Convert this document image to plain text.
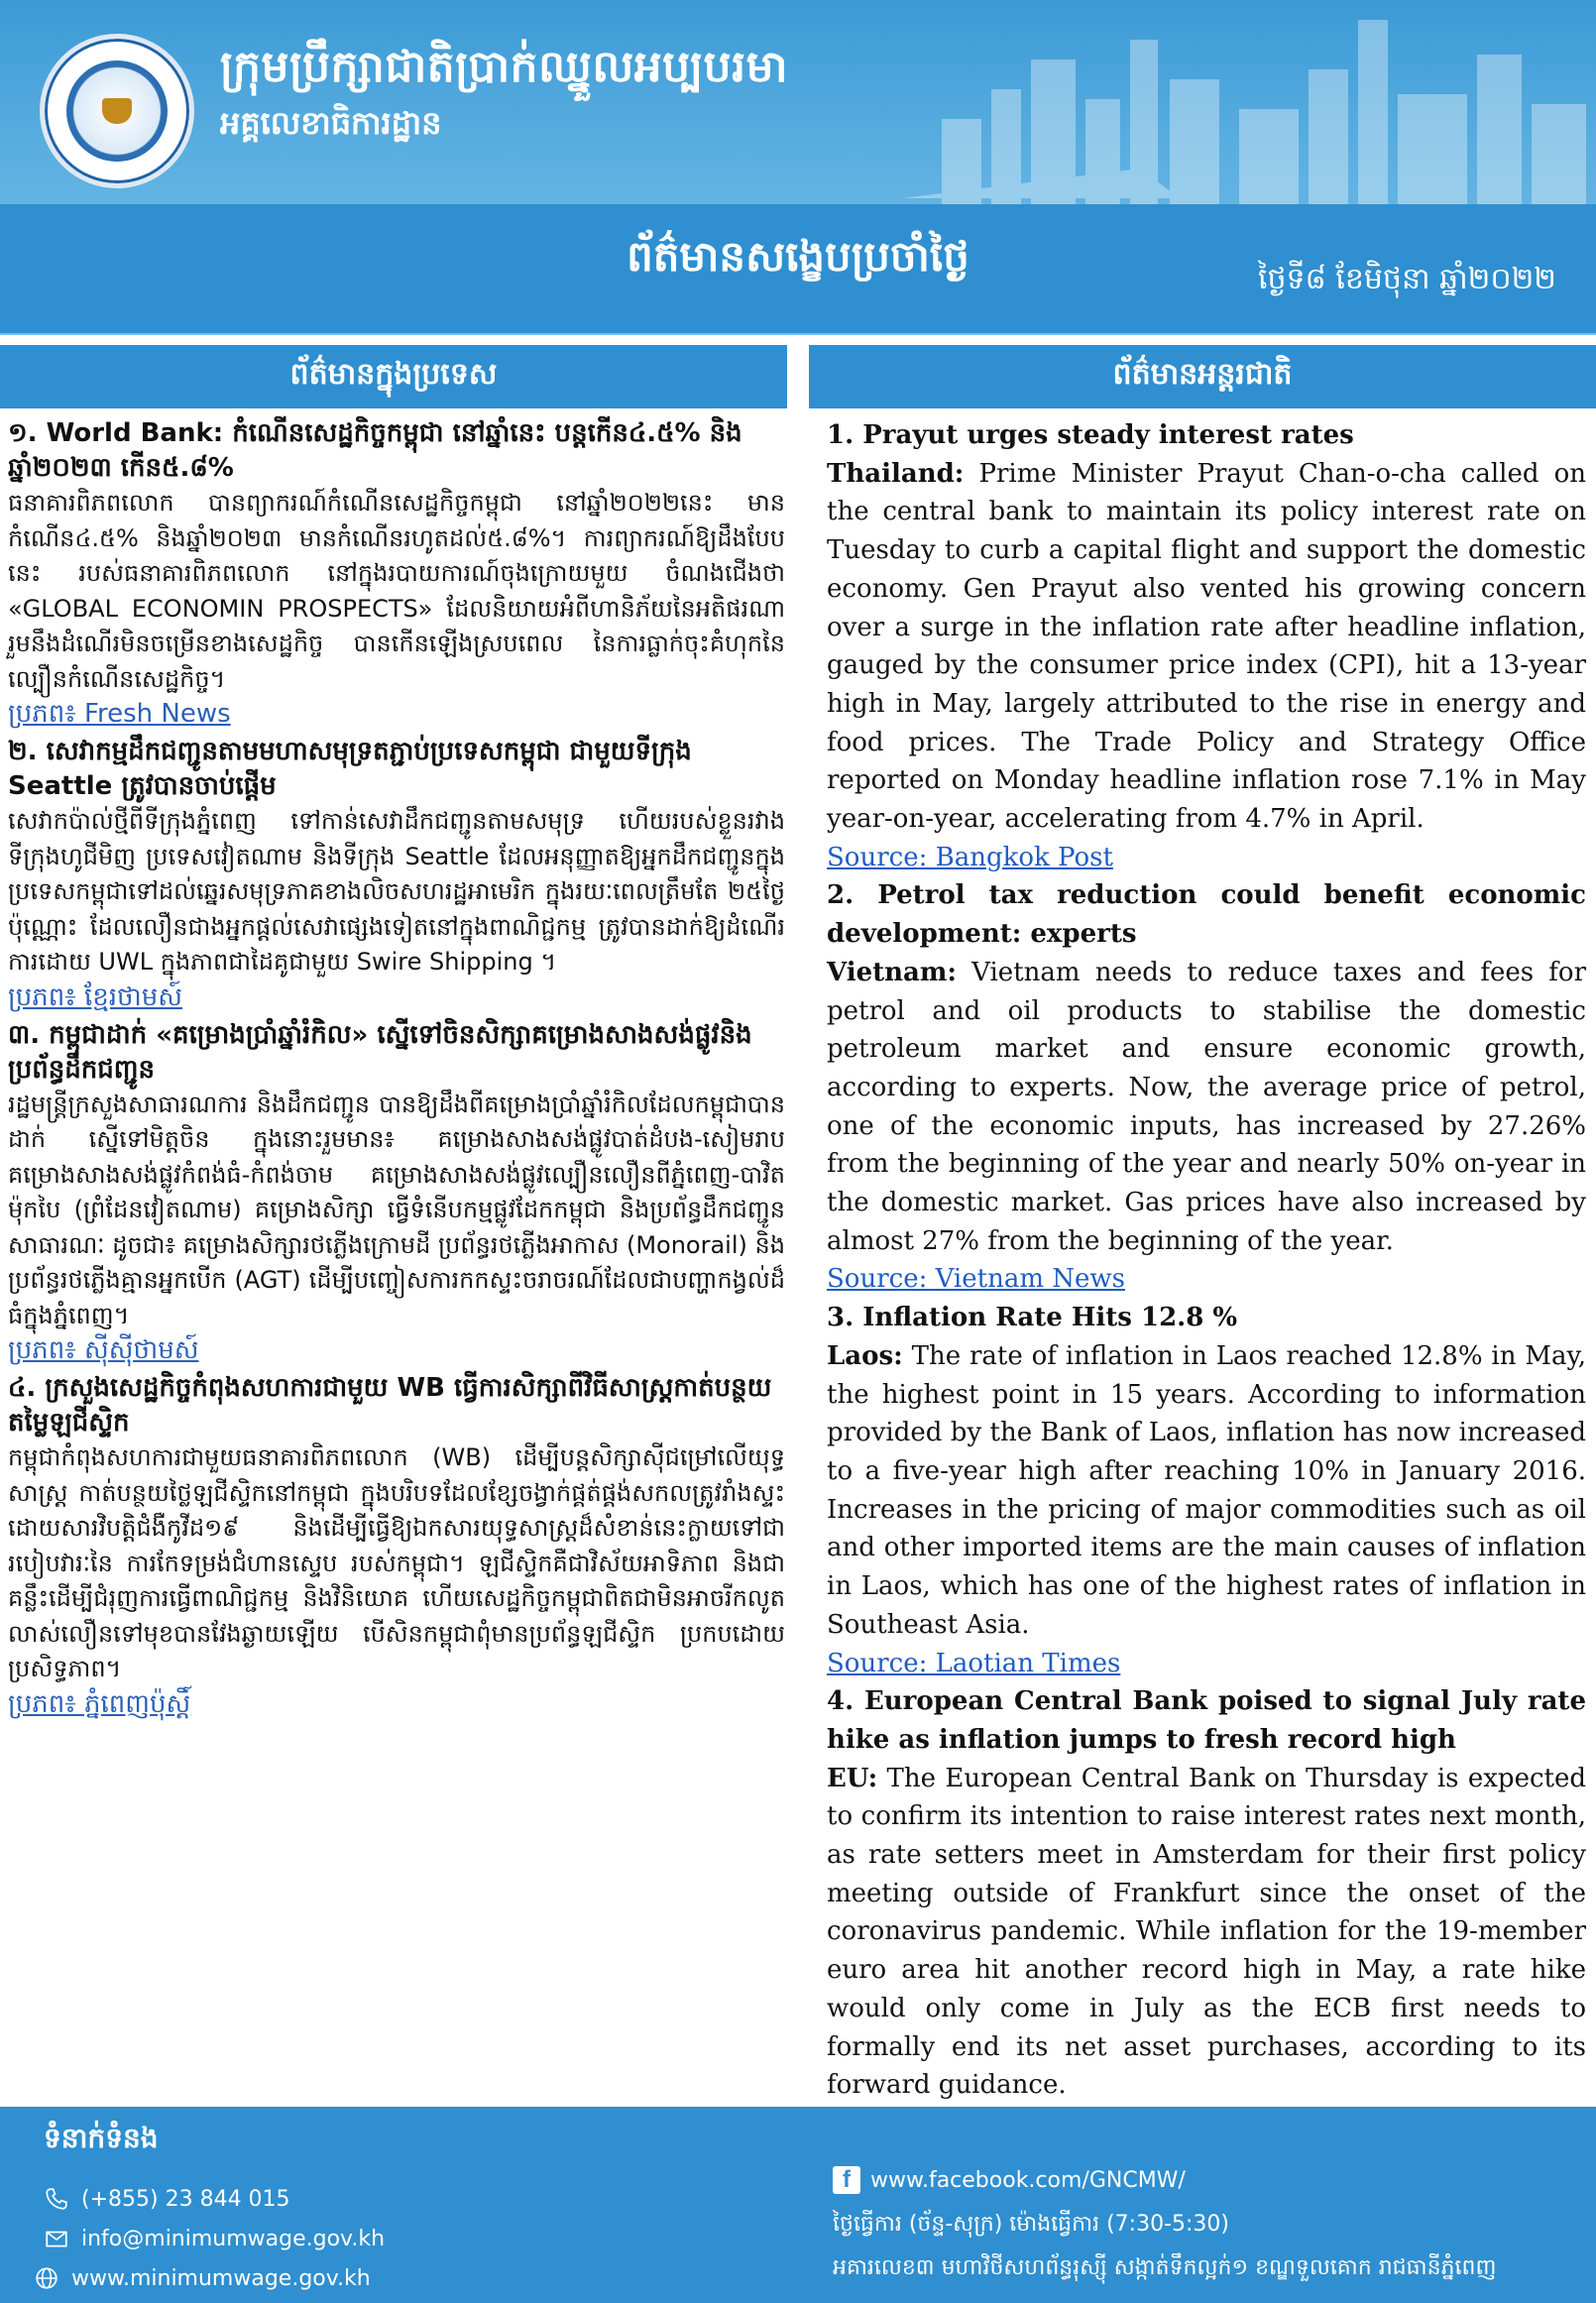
ក្រុមប្រឹក្សាជាតិប្រាក់ឈ្នួលអប្បបរមា
អគ្គលេខាធិការដ្ឋាន
ព័ត៌មានសង្ខេបប្រចាំថ្ងៃ	ថ្ងៃទី៨ ខែមិថុនា ឆ្នាំ២០២២
ព័ត៌មានក្នុងប្រទេស	ព័ត៌មានអន្តរជាតិ
១. World Bank: កំណើនសេដ្ឋកិច្ចកម្ពុជា នៅឆ្នាំនេះ បន្តកើន៤.៥% និងឆ្នាំ២០២៣ កើន៥.៨%
ធនាគារពិភពលោក បានព្យាករណ៍កំណើនសេដ្ឋកិច្ចកម្ពុជា នៅឆ្នាំ២០២២នេះ មានកំណើន៤.៥% និងឆ្នាំ២០២៣ មានកំណើនរហូតដល់៥.៨%។ ការព្យាករណ៍ឱ្យដឹងបែបនេះ របស់ធនាគារពិភពលោក នៅក្នុងរបាយការណ៍ចុងក្រោយមួយ ចំណងជើងថា «GLOBAL ECONOMIN PROSPECTS» ដែលនិយាយអំពីហានិភ័យនៃអតិផរណា រួមនឹងដំណើរមិនចម្រើនខាងសេដ្ឋកិច្ច បានកើនឡើងស្របពេល នៃការធ្លាក់ចុះគំហុកនៃល្បឿនកំណើនសេដ្ឋកិច្ច។
ប្រភព៖ Fresh News
២. សេវាកម្មដឹកជញ្ជូនតាមមហាសមុទ្រតភ្ជាប់ប្រទេសកម្ពុជា ជាមួយទីក្រុង Seattle ត្រូវបានចាប់ផ្តើម
សេវាកប៉ាល់ថ្មីពីទីក្រុងភ្នំពេញ ទៅកាន់សេវាដឹកជញ្ជូនតាមសមុទ្រ ហើយរបស់ខ្លួនរវាងទីក្រុងហូជីមិញ ប្រទេសវៀតណាម និងទីក្រុង Seattle ដែលអនុញ្ញាតឱ្យអ្នកដឹកជញ្ជូនក្នុងប្រទេសកម្ពុជាទៅដល់ឆ្នេរសមុទ្រភាគខាងលិចសហរដ្ឋអាមេរិក ក្នុងរយៈពេលត្រឹមតែ ២៥ថ្ងៃប៉ុណ្ណោះ ដែលលឿនជាងអ្នកផ្តល់សេវាផ្សេងទៀតនៅក្នុងពាណិជ្ជកម្ម ត្រូវបានដាក់ឱ្យដំណើរការដោយ UWL ក្នុងភាពជាដៃគូជាមួយ Swire Shipping ។
ប្រភព៖ ខ្មែរថាមស៍
៣. កម្ពុជាដាក់ «គម្រោងប្រាំឆ្នាំរំកិល» ស្នើទៅចិនសិក្សាគម្រោងសាងសង់ផ្លូវនិងប្រព័ន្ធដឹកជញ្ជូន
រដ្ឋមន្ត្រីក្រសួងសាធារណការ និងដឹកជញ្ជូន បានឱ្យដឹងពីគម្រោងប្រាំឆ្នាំរំកិលដែលកម្ពុជាបានដាក់ ស្នើទៅមិត្តចិន ក្នុងនោះរួមមាន៖ គម្រោងសាងសង់ផ្លូវបាត់ដំបង-សៀមរាប គម្រោងសាងសង់ផ្លូវកំពង់ធំ-កំពង់ចាម គម្រោងសាងសង់ផ្លូវល្បឿនលឿនពីភ្នំពេញ-បាវិត ម៉ុកបៃ (ព្រំដែនវៀតណាម) គម្រោងសិក្សា ធ្វើទំនើបកម្មផ្លូវដែកកម្ពុជា និងប្រព័ន្ធដឹកជញ្ជូនសាធារណៈ ដូចជា៖ គម្រោងសិក្សារថភ្លើងក្រោមដី ប្រព័ន្ធរថភ្លើងអាកាស (Monorail) និងប្រព័ន្ធរថភ្លើងគ្មានអ្នកបើក (AGT) ដើម្បីបញ្ចៀសការកកស្ទះចរាចរណ៍ដែលជាបញ្ហាកង្វល់ដ៏ធំក្នុងភ្នំពេញ។
ប្រភព៖ ស៊ីស៊ីថាមស៍
៤. ក្រសួងសេដ្ឋកិច្ចកំពុងសហការជាមួយ WB ធ្វើការសិក្សាពីវិធីសាស្ត្រកាត់បន្ថយតម្លៃឡជីស្ទិក
កម្ពុជាកំពុងសហការជាមួយធនាគារពិភពលោក (WB) ដើម្បីបន្តសិក្សាស៊ីជម្រៅលើយុទ្ធសាស្ត្រ កាត់បន្ថយថ្លៃឡជីស្ទិកនៅកម្ពុជា ក្នុងបរិបទដែលខ្សែចង្វាក់ផ្គត់ផ្គង់សកលត្រូវរាំងស្ទះដោយសារវិបត្តិជំងឺកូវីដ១៩ និងដើម្បីធ្វើឱ្យឯកសារយុទ្ធសាស្ត្រដ៏សំខាន់នេះក្លាយទៅជារបៀបវារៈនៃ ការកែទម្រង់ជំហានស្ទេប របស់កម្ពុជា។ ឡជីស្ទិកគឺជាវិស័យអាទិភាព និងជាគន្លឹះដើម្បីជំរុញការធ្វើពាណិជ្ជកម្ម និងវិនិយោគ ហើយសេដ្ឋកិច្ចកម្ពុជាពិតជាមិនអាចរីកលូតលាស់លឿនទៅមុខបានវែងឆ្ងាយឡើយ បើសិនកម្ពុជាពុំមានប្រព័ន្ធឡជីស្ទិក ប្រកបដោយប្រសិទ្ធភាព។
ប្រភព៖ ភ្នំពេញប៉ុស្តិ៍
1. Prayut urges steady interest rates
Thailand: Prime Minister Prayut Chan-o-cha called on the central bank to maintain its policy interest rate on Tuesday to curb a capital flight and support the domestic economy. Gen Prayut also vented his growing concern over a surge in the inflation rate after headline inflation, gauged by the consumer price index (CPI), hit a 13-year high in May, largely attributed to the rise in energy and food prices. The Trade Policy and Strategy Office reported on Monday headline inflation rose 7.1% in May year-on-year, accelerating from 4.7% in April.
Source: Bangkok Post
2. Petrol tax reduction could benefit economic development: experts
Vietnam: Vietnam needs to reduce taxes and fees for petrol and oil products to stabilise the domestic petroleum market and ensure economic growth, according to experts. Now, the average price of petrol, one of the economic inputs, has increased by 27.26% from the beginning of the year and nearly 50% on-year in the domestic market. Gas prices have also increased by almost 27% from the beginning of the year.
Source: Vietnam News
3. Inflation Rate Hits 12.8 %
Laos: The rate of inflation in Laos reached 12.8% in May, the highest point in 15 years. According to information provided by the Bank of Laos, inflation has now increased to a five-year high after reaching 10% in January 2016. Increases in the pricing of major commodities such as oil and other imported items are the main causes of inflation in Laos, which has one of the highest rates of inflation in Southeast Asia.
Source: Laotian Times
4. European Central Bank poised to signal July rate hike as inflation jumps to fresh record high
EU: The European Central Bank on Thursday is expected to confirm its intention to raise interest rates next month, as rate setters meet in Amsterdam for their first policy meeting outside of Frankfurt since the onset of the coronavirus pandemic. While inflation for the 19-member euro area hit another record high in May, a rate hike would only come in July as the ECB first needs to formally end its net asset purchases, according to its forward guidance.
ទំនាក់ទំនង
(+855) 23 844 015
info@minimumwage.gov.kh
www.minimumwage.gov.kh
f www.facebook.com/GNCMW/
ថ្ងៃធ្វើការ (ច័ន្ទ-សុក្រ) ម៉ោងធ្វើការ (7:30-5:30)
អគារលេខ៣ មហាវិថីសហព័ន្ធរុស្ស៊ី សង្កាត់ទឹកល្អក់១ ខណ្ឌទួលគោក រាជធានីភ្នំពេញ
